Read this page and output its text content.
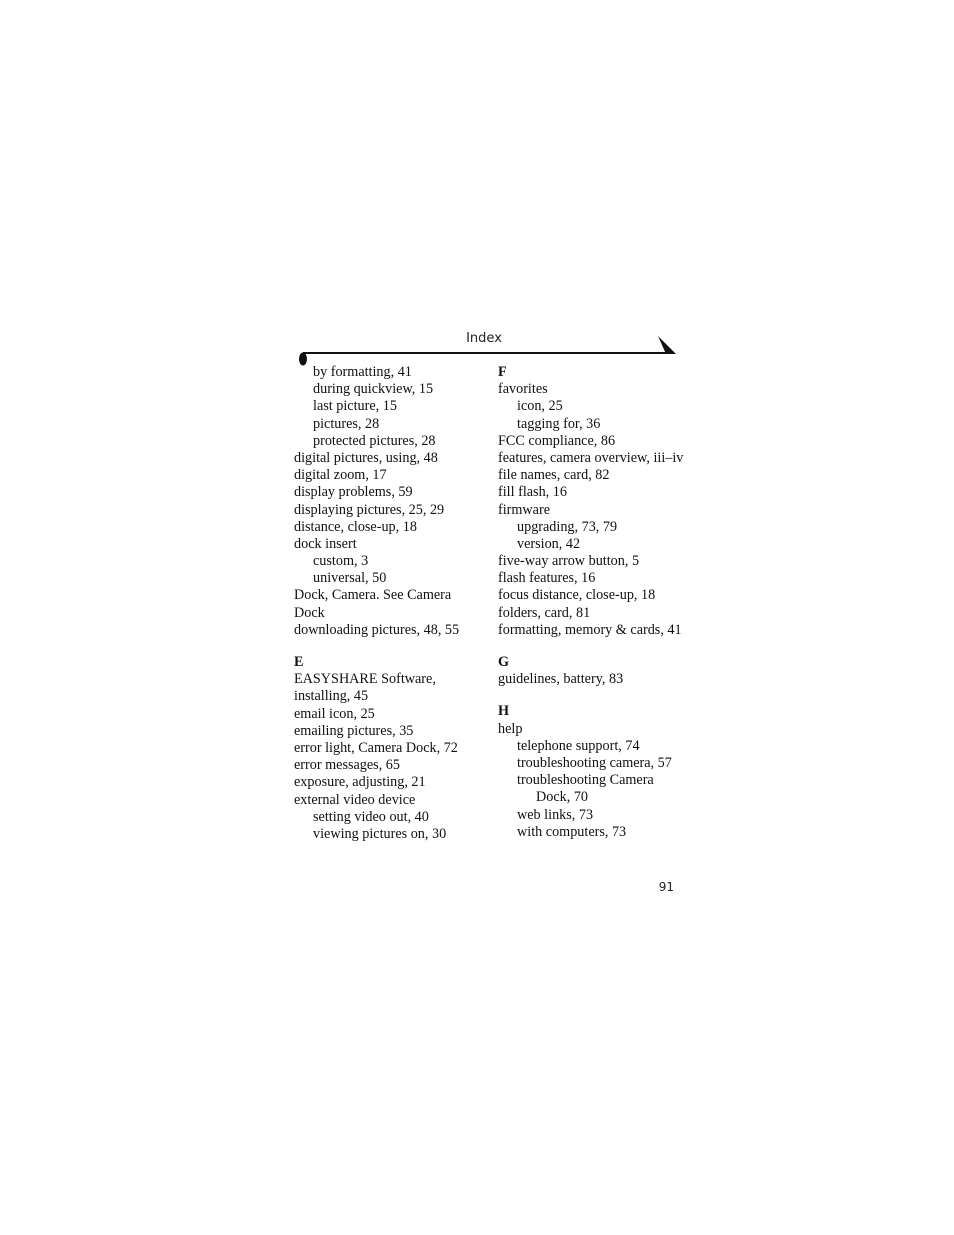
Index
by formatting, 41
during quickview, 15
last picture, 15
pictures, 28
protected pictures, 28
digital pictures, using, 48
digital zoom, 17
display problems, 59
displaying pictures, 25, 29
distance, close-up, 18
dock insert
custom, 3
universal, 50
Dock, Camera. See Camera
Dock
downloading pictures, 48, 55
E
EASYSHARE Software,
installing, 45
email icon, 25
emailing pictures, 35
error light, Camera Dock, 72
error messages, 65
exposure, adjusting, 21
external video device
setting video out, 40
viewing pictures on, 30
F
favorites
icon, 25
tagging for, 36
FCC compliance, 86
features, camera overview, iii–iv
file names, card, 82
fill flash, 16
firmware
upgrading, 73, 79
version, 42
five-way arrow button, 5
flash features, 16
focus distance, close-up, 18
folders, card, 81
formatting, memory & cards, 41
G
guidelines, battery, 83
H
help
telephone support, 74
troubleshooting camera, 57
troubleshooting Camera
Dock, 70
web links, 73
with computers, 73
91
